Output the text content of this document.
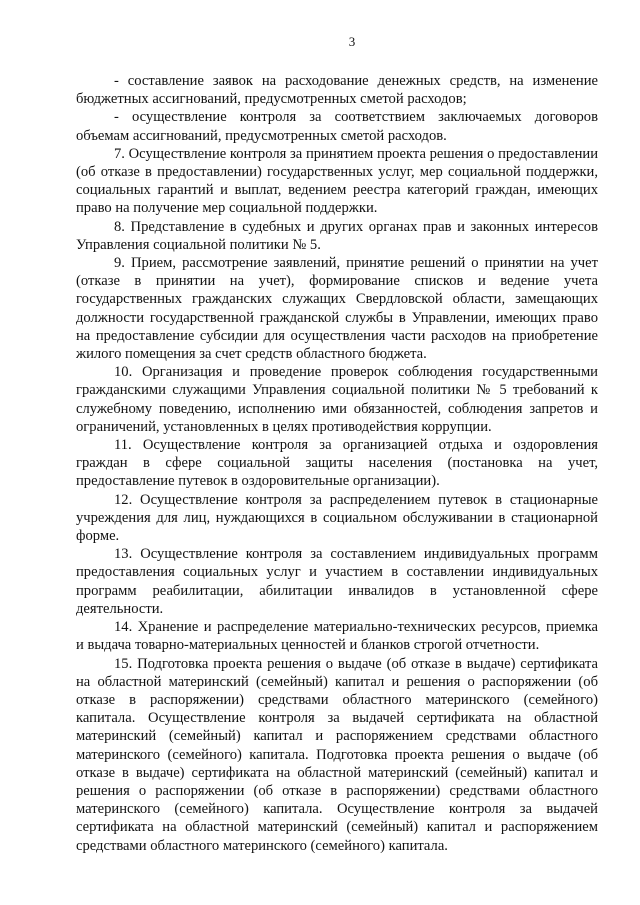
3

- составление заявок на расходование денежных средств, на изменение бюджетных ассигнований, предусмотренных сметой расходов;

- осуществление контроля за соответствием заключаемых договоров объемам ассигнований, предусмотренных сметой расходов.

7. Осуществление контроля за принятием проекта решения о предоставлении (об отказе в предоставлении) государственных услуг, мер социальной поддержки, социальных гарантий и выплат, ведением реестра категорий граждан, имеющих право на получение мер социальной поддержки.

8. Представление в судебных и других органах прав и законных интересов Управления социальной политики № 5.

9. Прием, рассмотрение заявлений, принятие решений о принятии на учет (отказе в принятии на учет), формирование списков и ведение учета государственных гражданских служащих Свердловской области, замещающих должности государственной гражданской службы в Управлении, имеющих право на предоставление субсидии для осуществления части расходов на приобретение жилого помещения за счет средств областного бюджета.

10. Организация и проведение проверок соблюдения государственными гражданскими служащими Управления социальной политики № 5 требований к служебному поведению, исполнению ими обязанностей, соблюдения запретов и ограничений, установленных в целях противодействия коррупции.

11. Осуществление контроля за организацией отдыха и оздоровления граждан в сфере социальной защиты населения (постановка на учет, предоставление путевок в оздоровительные организации).

12. Осуществление контроля за распределением путевок в стационарные учреждения для лиц, нуждающихся в социальном обслуживании в стационарной форме.

13. Осуществление контроля за составлением индивидуальных программ предоставления социальных услуг и участием в составлении индивидуальных программ реабилитации, абилитации инвалидов в установленной сфере деятельности.

14. Хранение и распределение материально-технических ресурсов, приемка и выдача товарно-материальных ценностей и бланков строгой отчетности.

15. Подготовка проекта решения о выдаче (об отказе в выдаче) сертификата на областной материнский (семейный) капитал и решения о распоряжении (об отказе в распоряжении) средствами областного материнского (семейного) капитала. Осуществление контроля за выдачей сертификата на областной материнский (семейный) капитал и распоряжением средствами областного материнского (семейного) капитала. Подготовка проекта решения о выдаче (об отказе в выдаче) сертификата на областной материнский (семейный) капитал и решения о распоряжении (об отказе в распоряжении) средствами областного материнского (семейного) капитала. Осуществление контроля за выдачей сертификата на областной материнский (семейный) капитал и распоряжением средствами областного материнского (семейного) капитала.
